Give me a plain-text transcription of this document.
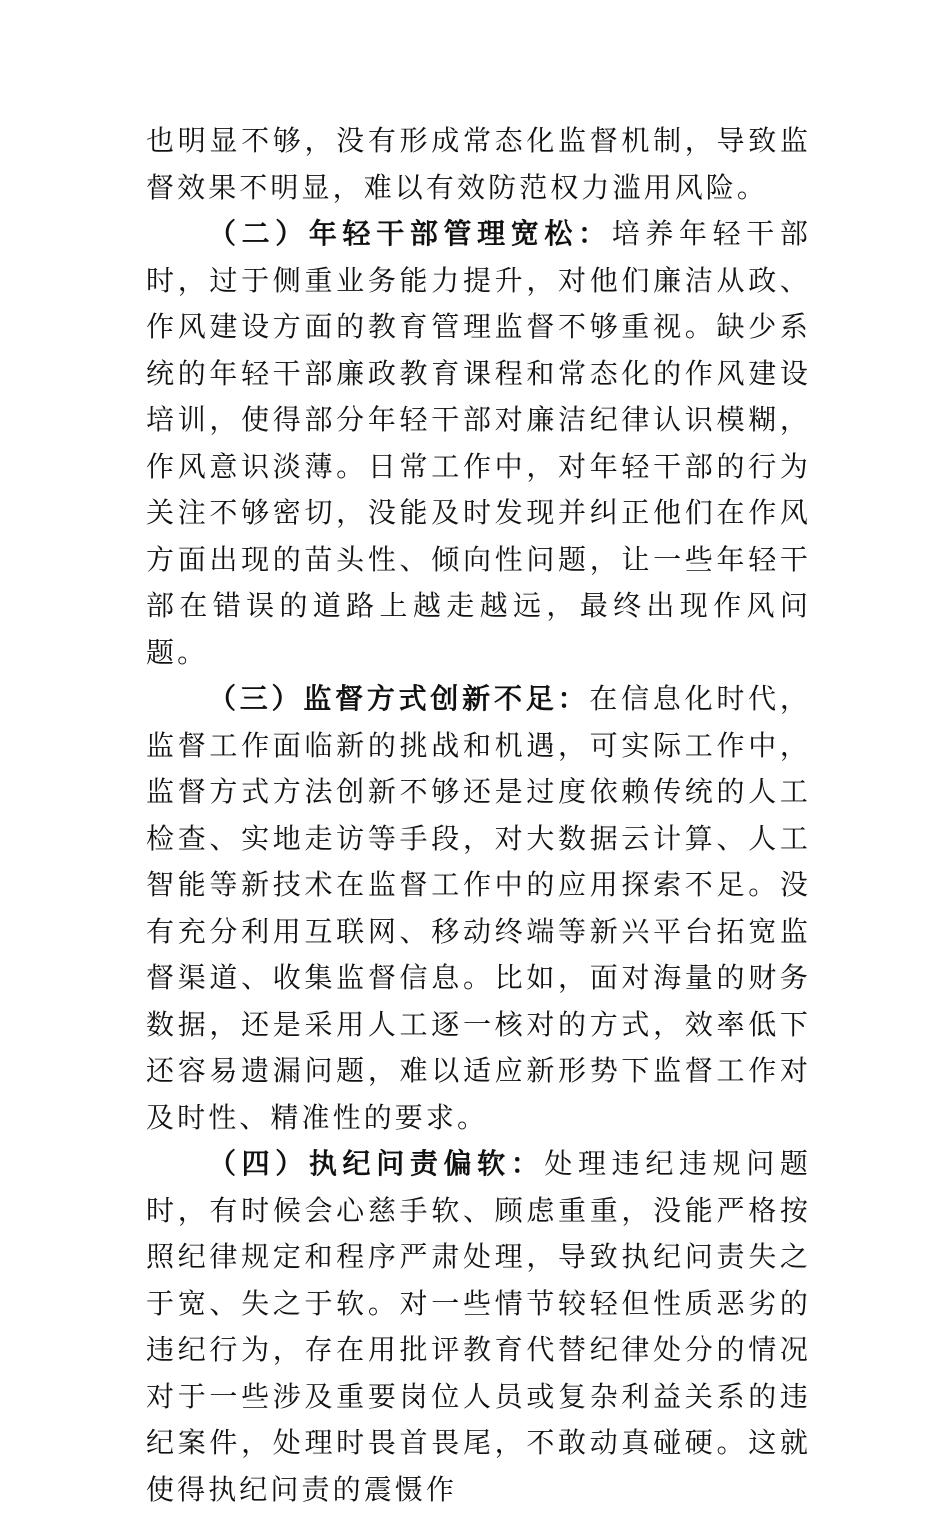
也明显不够，没有形成常态化监督机制，导致监督效果不明显，难以有效防范权力滥用风险。

（二）年轻干部管理宽松：培养年轻干部时，过于侧重业务能力提升，对他们廉洁从政、作风建设方面的教育管理监督不够重视。缺少系统的年轻干部廉政教育课程和常态化的作风建设培训，使得部分年轻干部对廉洁纪律认识模糊，作风意识淡薄。日常工作中，对年轻干部的行为关注不够密切，没能及时发现并纠正他们在作风方面出现的苗头性、倾向性问题，让一些年轻干部在错误的道路上越走越远，最终出现作风问题。

（三）监督方式创新不足：在信息化时代，监督工作面临新的挑战和机遇，可实际工作中，监督方式方法创新不够还是过度依赖传统的人工检查、实地走访等手段，对大数据云计算、人工智能等新技术在监督工作中的应用探索不足。没有充分利用互联网、移动终端等新兴平台拓宽监督渠道、收集监督信息。比如，面对海量的财务数据，还是采用人工逐一核对的方式，效率低下还容易遗漏问题，难以适应新形势下监督工作对及时性、精准性的要求。

（四）执纪问责偏软：处理违纪违规问题时，有时候会心慈手软、顾虑重重，没能严格按照纪律规定和程序严肃处理，导致执纪问责失之于宽、失之于软。对一些情节较轻但性质恶劣的违纪行为，存在用批评教育代替纪律处分的情况对于一些涉及重要岗位人员或复杂利益关系的违纪案件，处理时畏首畏尾，不敢动真碰硬。这就使得执纪问责的震慑作
